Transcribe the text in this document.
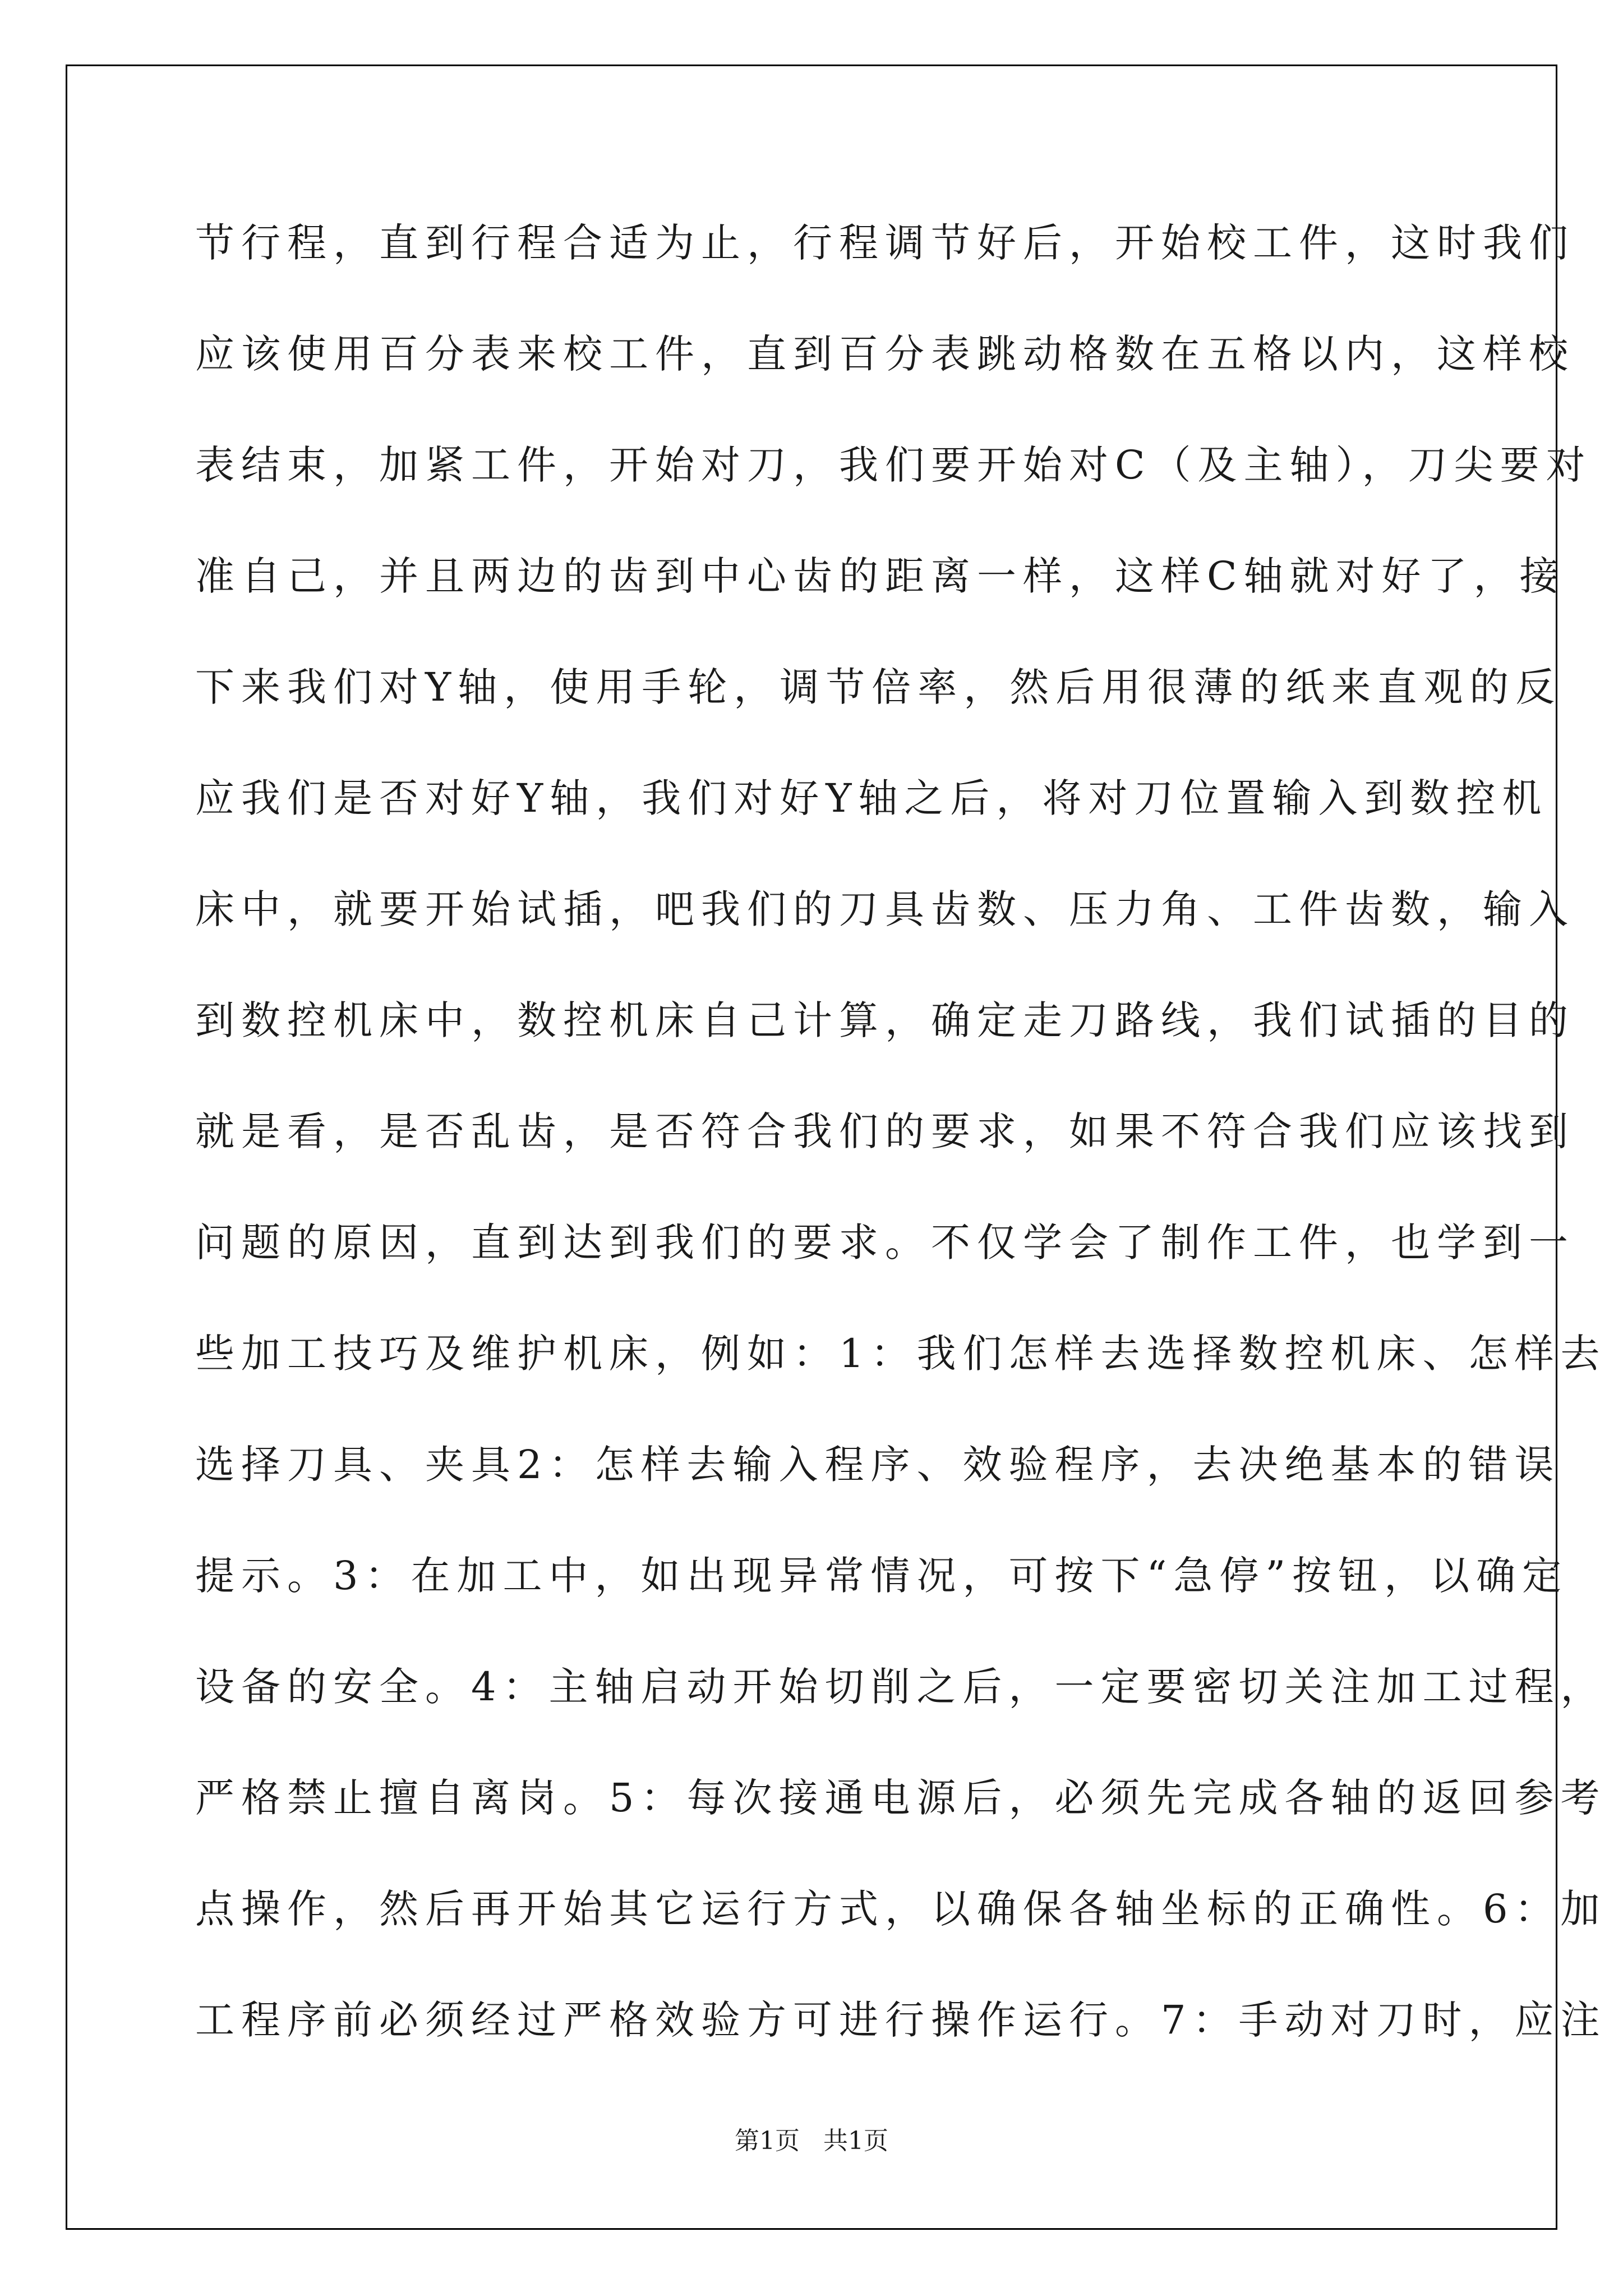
节行程，直到行程合适为止，行程调节好后，开始校工件，这时我们
应该使用百分表来校工件，直到百分表跳动格数在五格以内，这样校
表结束，加紧工件，开始对刀，我们要开始对C（及主轴），刀尖要对
准自己，并且两边的齿到中心齿的距离一样，这样C轴就对好了，接
下来我们对Y轴，使用手轮，调节倍率，然后用很薄的纸来直观的反
应我们是否对好Y轴，我们对好Y轴之后，将对刀位置输入到数控机
床中，就要开始试插，吧我们的刀具齿数、压力角、工件齿数，输入
到数控机床中，数控机床自己计算，确定走刀路线，我们试插的目的
就是看，是否乱齿，是否符合我们的要求，如果不符合我们应该找到
问题的原因，直到达到我们的要求。不仅学会了制作工件，也学到一
些加工技巧及维护机床，例如：1：我们怎样去选择数控机床、怎样去
选择刀具、夹具2：怎样去输入程序、效验程序，去决绝基本的错误
提示。3：在加工中，如出现异常情况，可按下“急停”按钮，以确定
设备的安全。4：主轴启动开始切削之后，一定要密切关注加工过程，
严格禁止擅自离岗。5：每次接通电源后，必须先完成各轴的返回参考
点操作，然后再开始其它运行方式，以确保各轴坐标的正确性。6：加
工程序前必须经过严格效验方可进行操作运行。7：手动对刀时，应注
第1页 共1页
